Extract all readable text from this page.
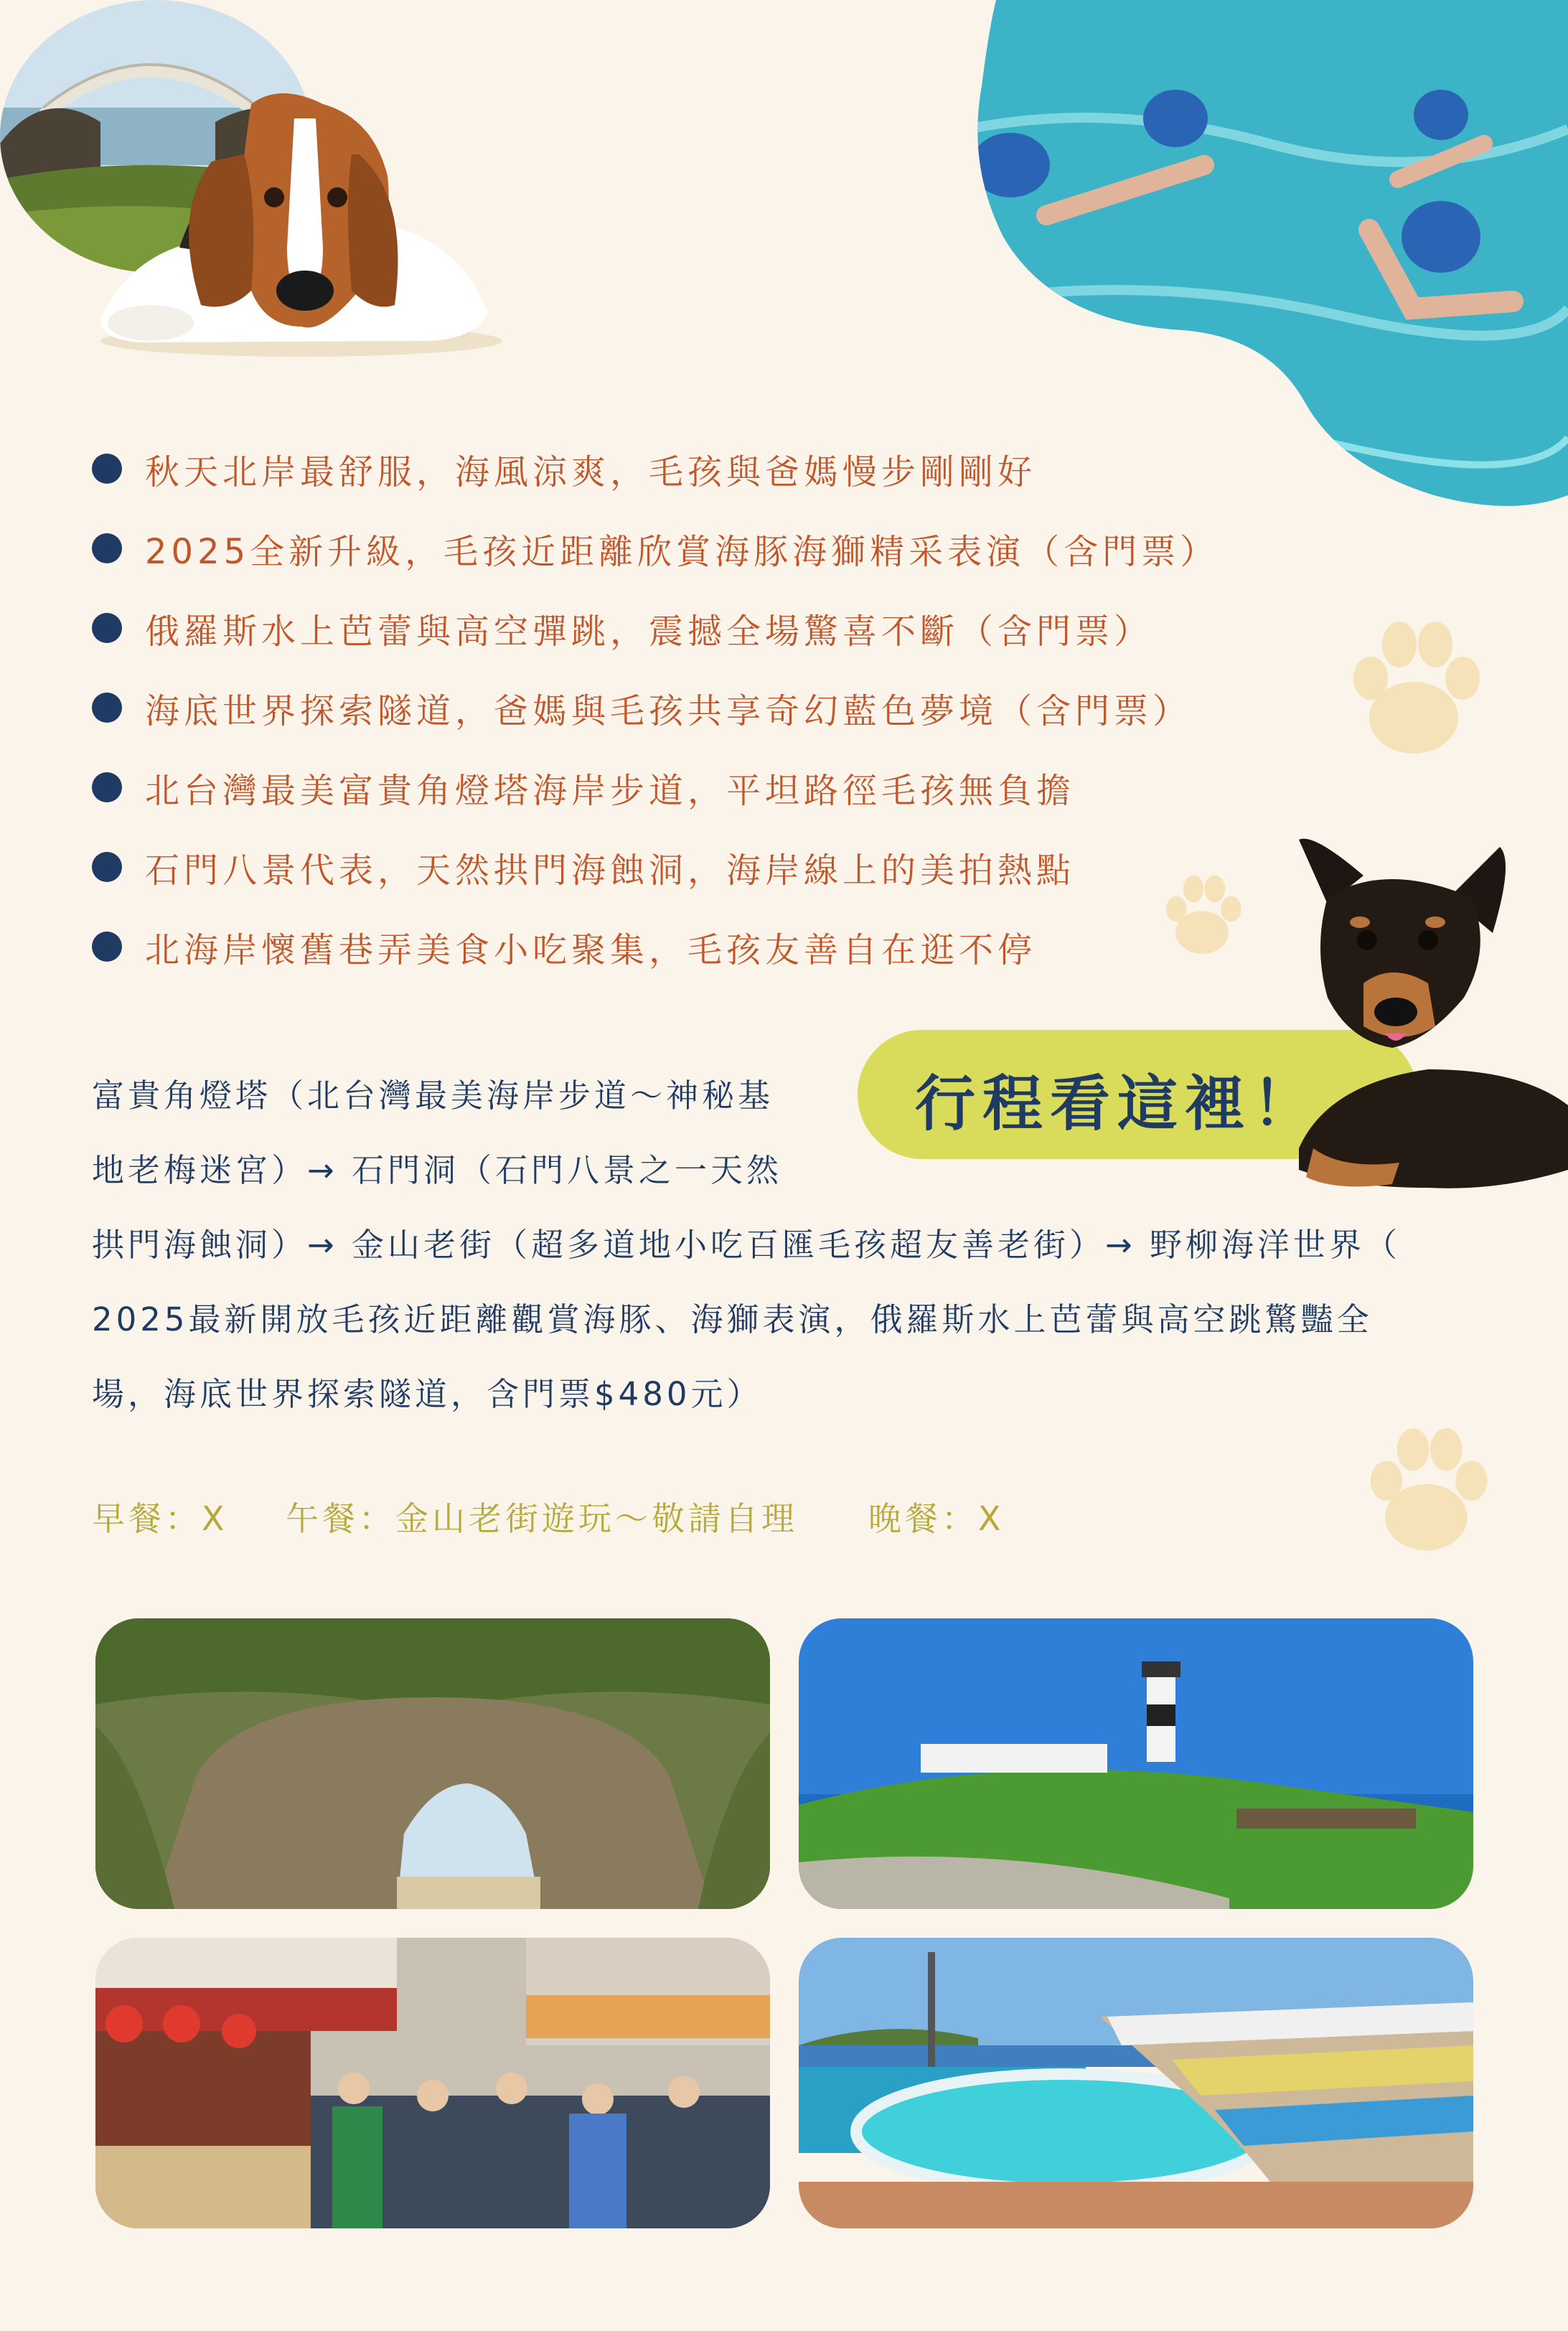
秋天北岸最舒服，海風涼爽，毛孩與爸媽慢步剛剛好
2025全新升級，毛孩近距離欣賞海豚海獅精采表演（含門票）
俄羅斯水上芭蕾與高空彈跳，震撼全場驚喜不斷（含門票）
海底世界探索隧道，爸媽與毛孩共享奇幻藍色夢境（含門票）
北台灣最美富貴角燈塔海岸步道，平坦路徑毛孩無負擔
石門八景代表，天然拱門海蝕洞，海岸線上的美拍熱點
北海岸懷舊巷弄美食小吃聚集，毛孩友善自在逛不停
行程看這裡！
富貴角燈塔（北台灣最美海岸步道～神秘基
地老梅迷宮）→ 石門洞（石門八景之一天然
拱門海蝕洞）→ 金山老街（超多道地小吃百匯毛孩超友善老街）→ 野柳海洋世界（
2025最新開放毛孩近距離觀賞海豚、海獅表演，俄羅斯水上芭蕾與高空跳驚豔全
場，海底世界探索隧道，含門票$480元）
早餐：X 午餐：金山老街遊玩～敬請自理 晚餐：X
